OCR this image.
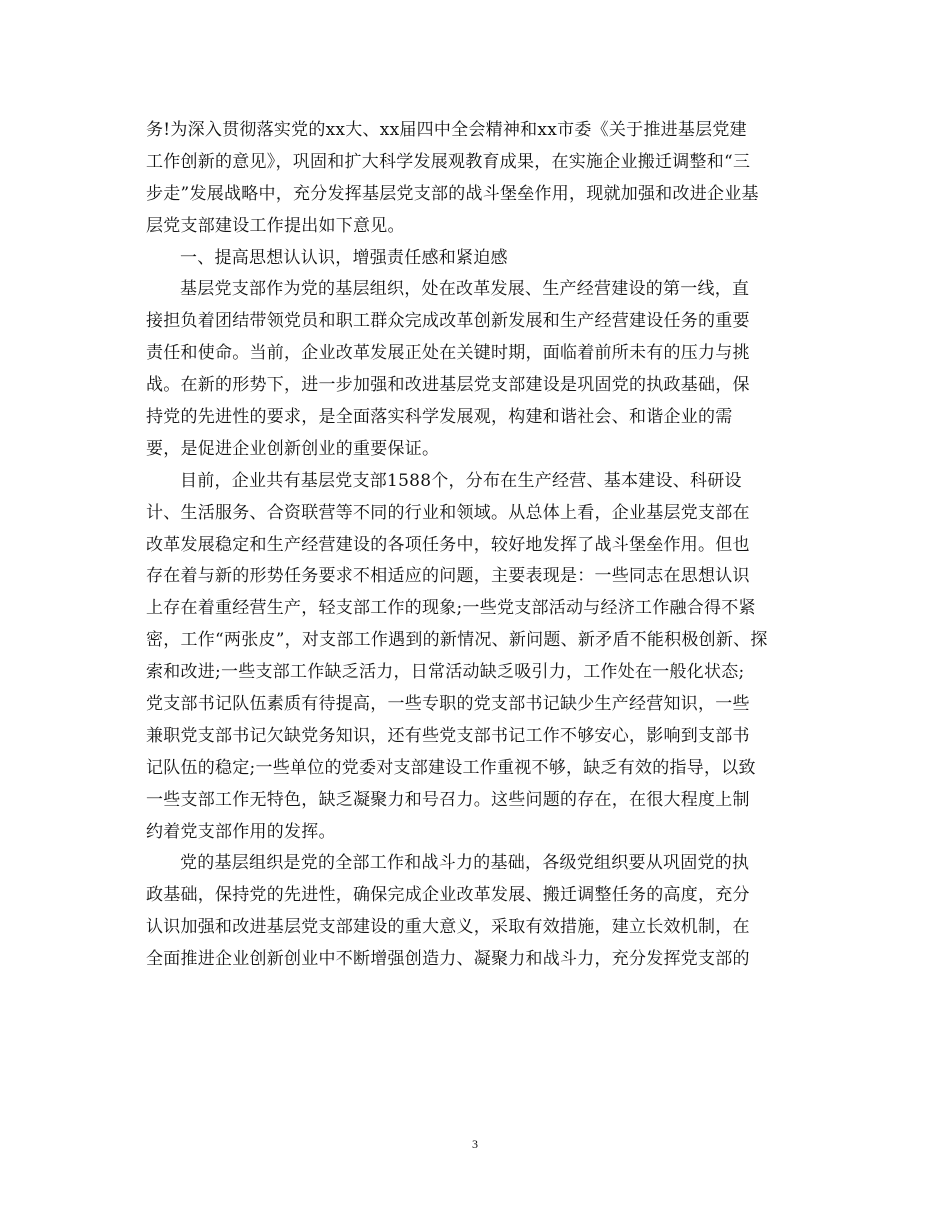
务!为深入贯彻落实党的xx大、xx届四中全会精神和xx市委《关于推进基层党建
工作创新的意见》，巩固和扩大科学发展观教育成果，在实施企业搬迁调整和“三
步走”发展战略中，充分发挥基层党支部的战斗堡垒作用，现就加强和改进企业基
层党支部建设工作提出如下意见。
一、提高思想认认识，增强责任感和紧迫感
基层党支部作为党的基层组织，处在改革发展、生产经营建设的第一线，直
接担负着团结带领党员和职工群众完成改革创新发展和生产经营建设任务的重要
责任和使命。当前，企业改革发展正处在关键时期，面临着前所未有的压力与挑
战。在新的形势下，进一步加强和改进基层党支部建设是巩固党的执政基础，保
持党的先进性的要求，是全面落实科学发展观，构建和谐社会、和谐企业的需
要，是促进企业创新创业的重要保证。
目前，企业共有基层党支部1588个，分布在生产经营、基本建设、科研设
计、生活服务、合资联营等不同的行业和领域。从总体上看，企业基层党支部在
改革发展稳定和生产经营建设的各项任务中，较好地发挥了战斗堡垒作用。但也
存在着与新的形势任务要求不相适应的问题，主要表现是：一些同志在思想认识
上存在着重经营生产，轻支部工作的现象;一些党支部活动与经济工作融合得不紧
密，工作“两张皮”，对支部工作遇到的新情况、新问题、新矛盾不能积极创新、探
索和改进;一些支部工作缺乏活力，日常活动缺乏吸引力，工作处在一般化状态;
党支部书记队伍素质有待提高，一些专职的党支部书记缺少生产经营知识，一些
兼职党支部书记欠缺党务知识，还有些党支部书记工作不够安心，影响到支部书
记队伍的稳定;一些单位的党委对支部建设工作重视不够，缺乏有效的指导，以致
一些支部工作无特色，缺乏凝聚力和号召力。这些问题的存在，在很大程度上制
约着党支部作用的发挥。
党的基层组织是党的全部工作和战斗力的基础，各级党组织要从巩固党的执
政基础，保持党的先进性，确保完成企业改革发展、搬迁调整任务的高度，充分
认识加强和改进基层党支部建设的重大意义，采取有效措施，建立长效机制，在
全面推进企业创新创业中不断增强创造力、凝聚力和战斗力，充分发挥党支部的
3
